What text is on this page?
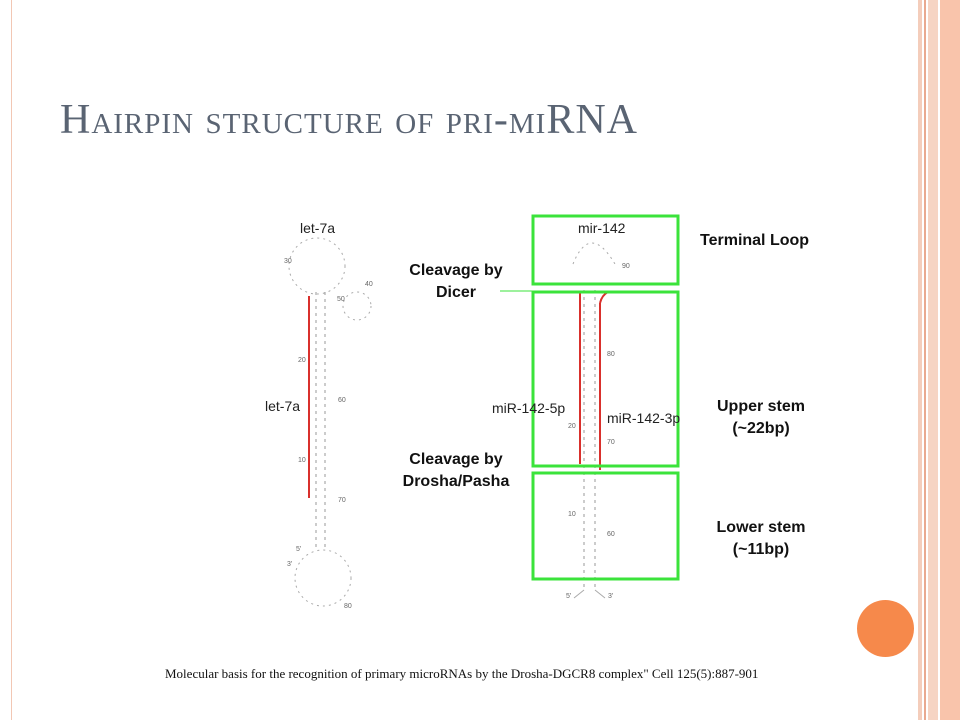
Hairpin structure of pri-miRNA
30
50
40
20
60
10
70
5'
3'
80
90
80
20
70
10
60
5'	3'
let-7a
let-7a
mir-142
miR-142-5p
miR-142-3p
Cleavage by
Dicer
Cleavage by
Drosha/Pasha
Terminal Loop
Upper stem
(~22bp)
Lower stem
(~11bp)
Molecular basis for the recognition of primary microRNAs by the Drosha-DGCR8 complex" Cell 125(5):887-901
